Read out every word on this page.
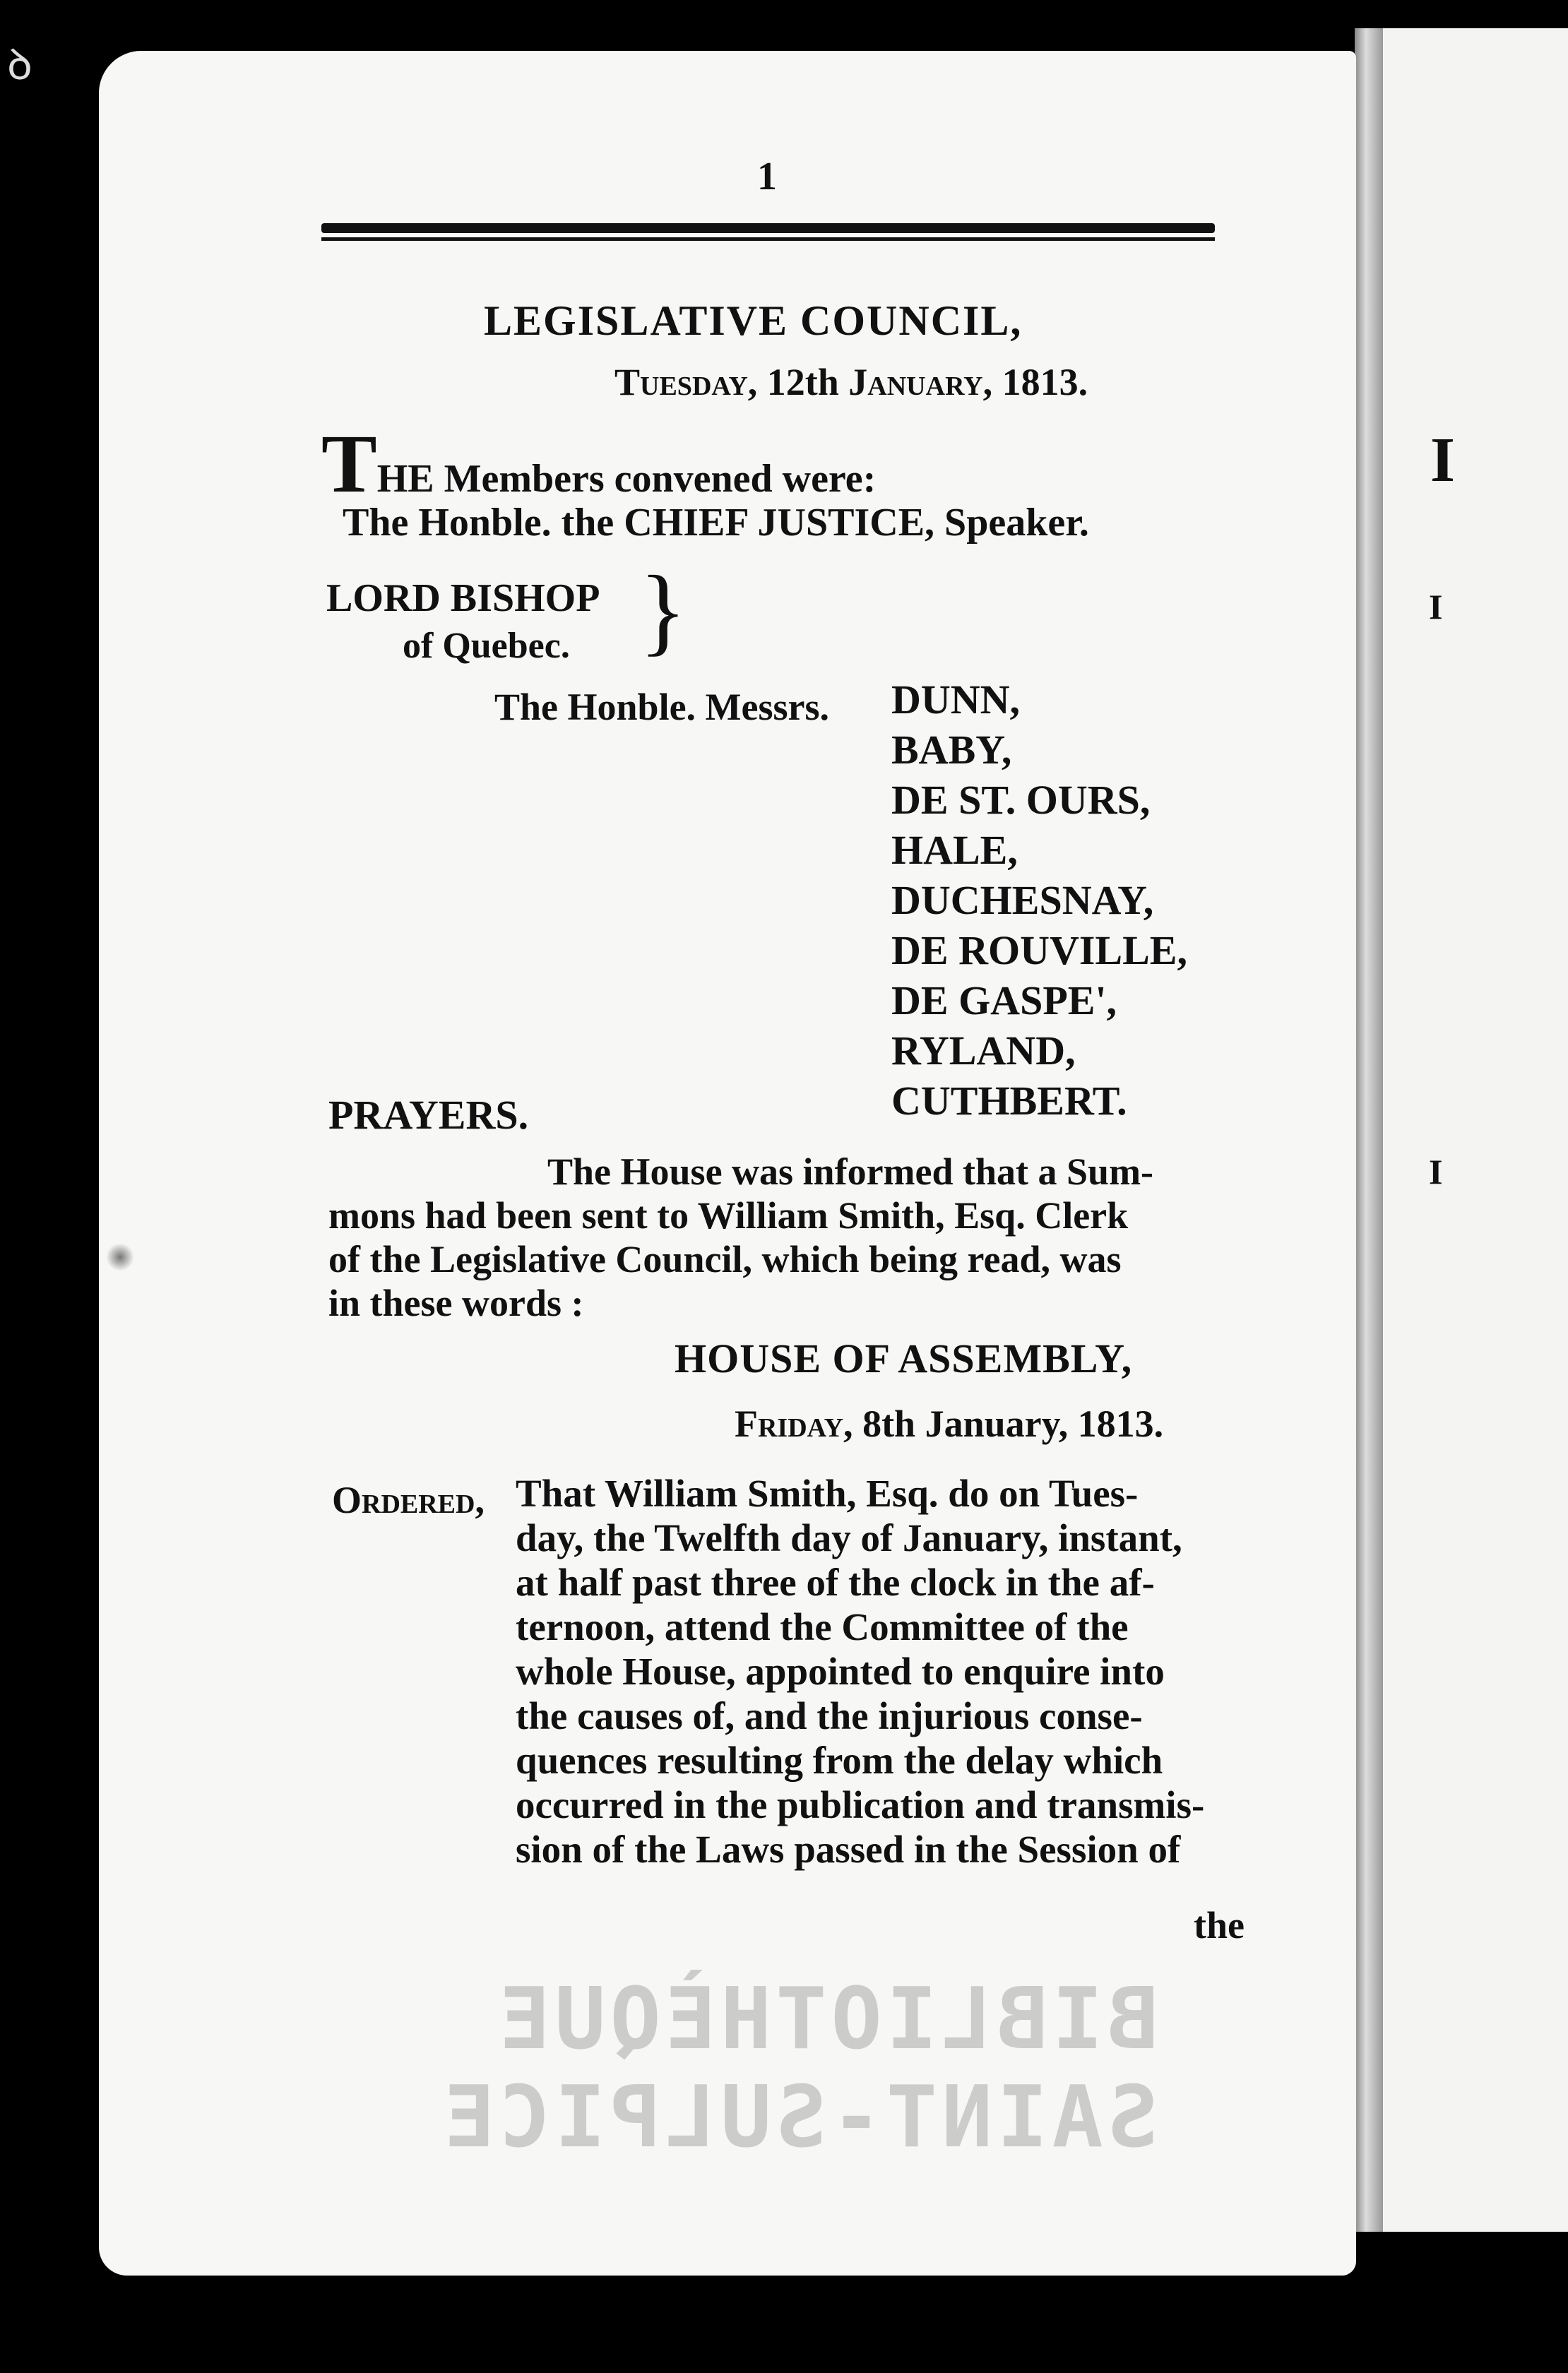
ꝺ
I
I
I
1
LEGISLATIVE COUNCIL,
Tuesday, 12th January, 1813.
THE Members convened were:
The Honble. the CHIEF JUSTICE, Speaker.
LORD BISHOP
of Quebec. }
The Honble. Messrs. DUNN,
BABY,
DE ST. OURS,
HALE,
DUCHESNAY,
DE ROUVILLE,
DE GASPE',
RYLAND,
CUTHBERT.
PRAYERS.
The House was informed that a Sum-
mons had been sent to William Smith, Esq. Clerk
of the Legislative Council, which being read, was
in these words :
HOUSE OF ASSEMBLY,
Friday, 8th January, 1813.
Ordered, That William Smith, Esq. do on Tues-
day, the Twelfth day of January, instant,
at half past three of the clock in the af-
ternoon, attend the Committee of the
whole House, appointed to enquire into
the causes of, and the injurious conse-
quences resulting from the delay which
occurred in the publication and transmis-
sion of the Laws passed in the Session of
the
BIBLIOTHÈQUE
SAINT-SULPICE
